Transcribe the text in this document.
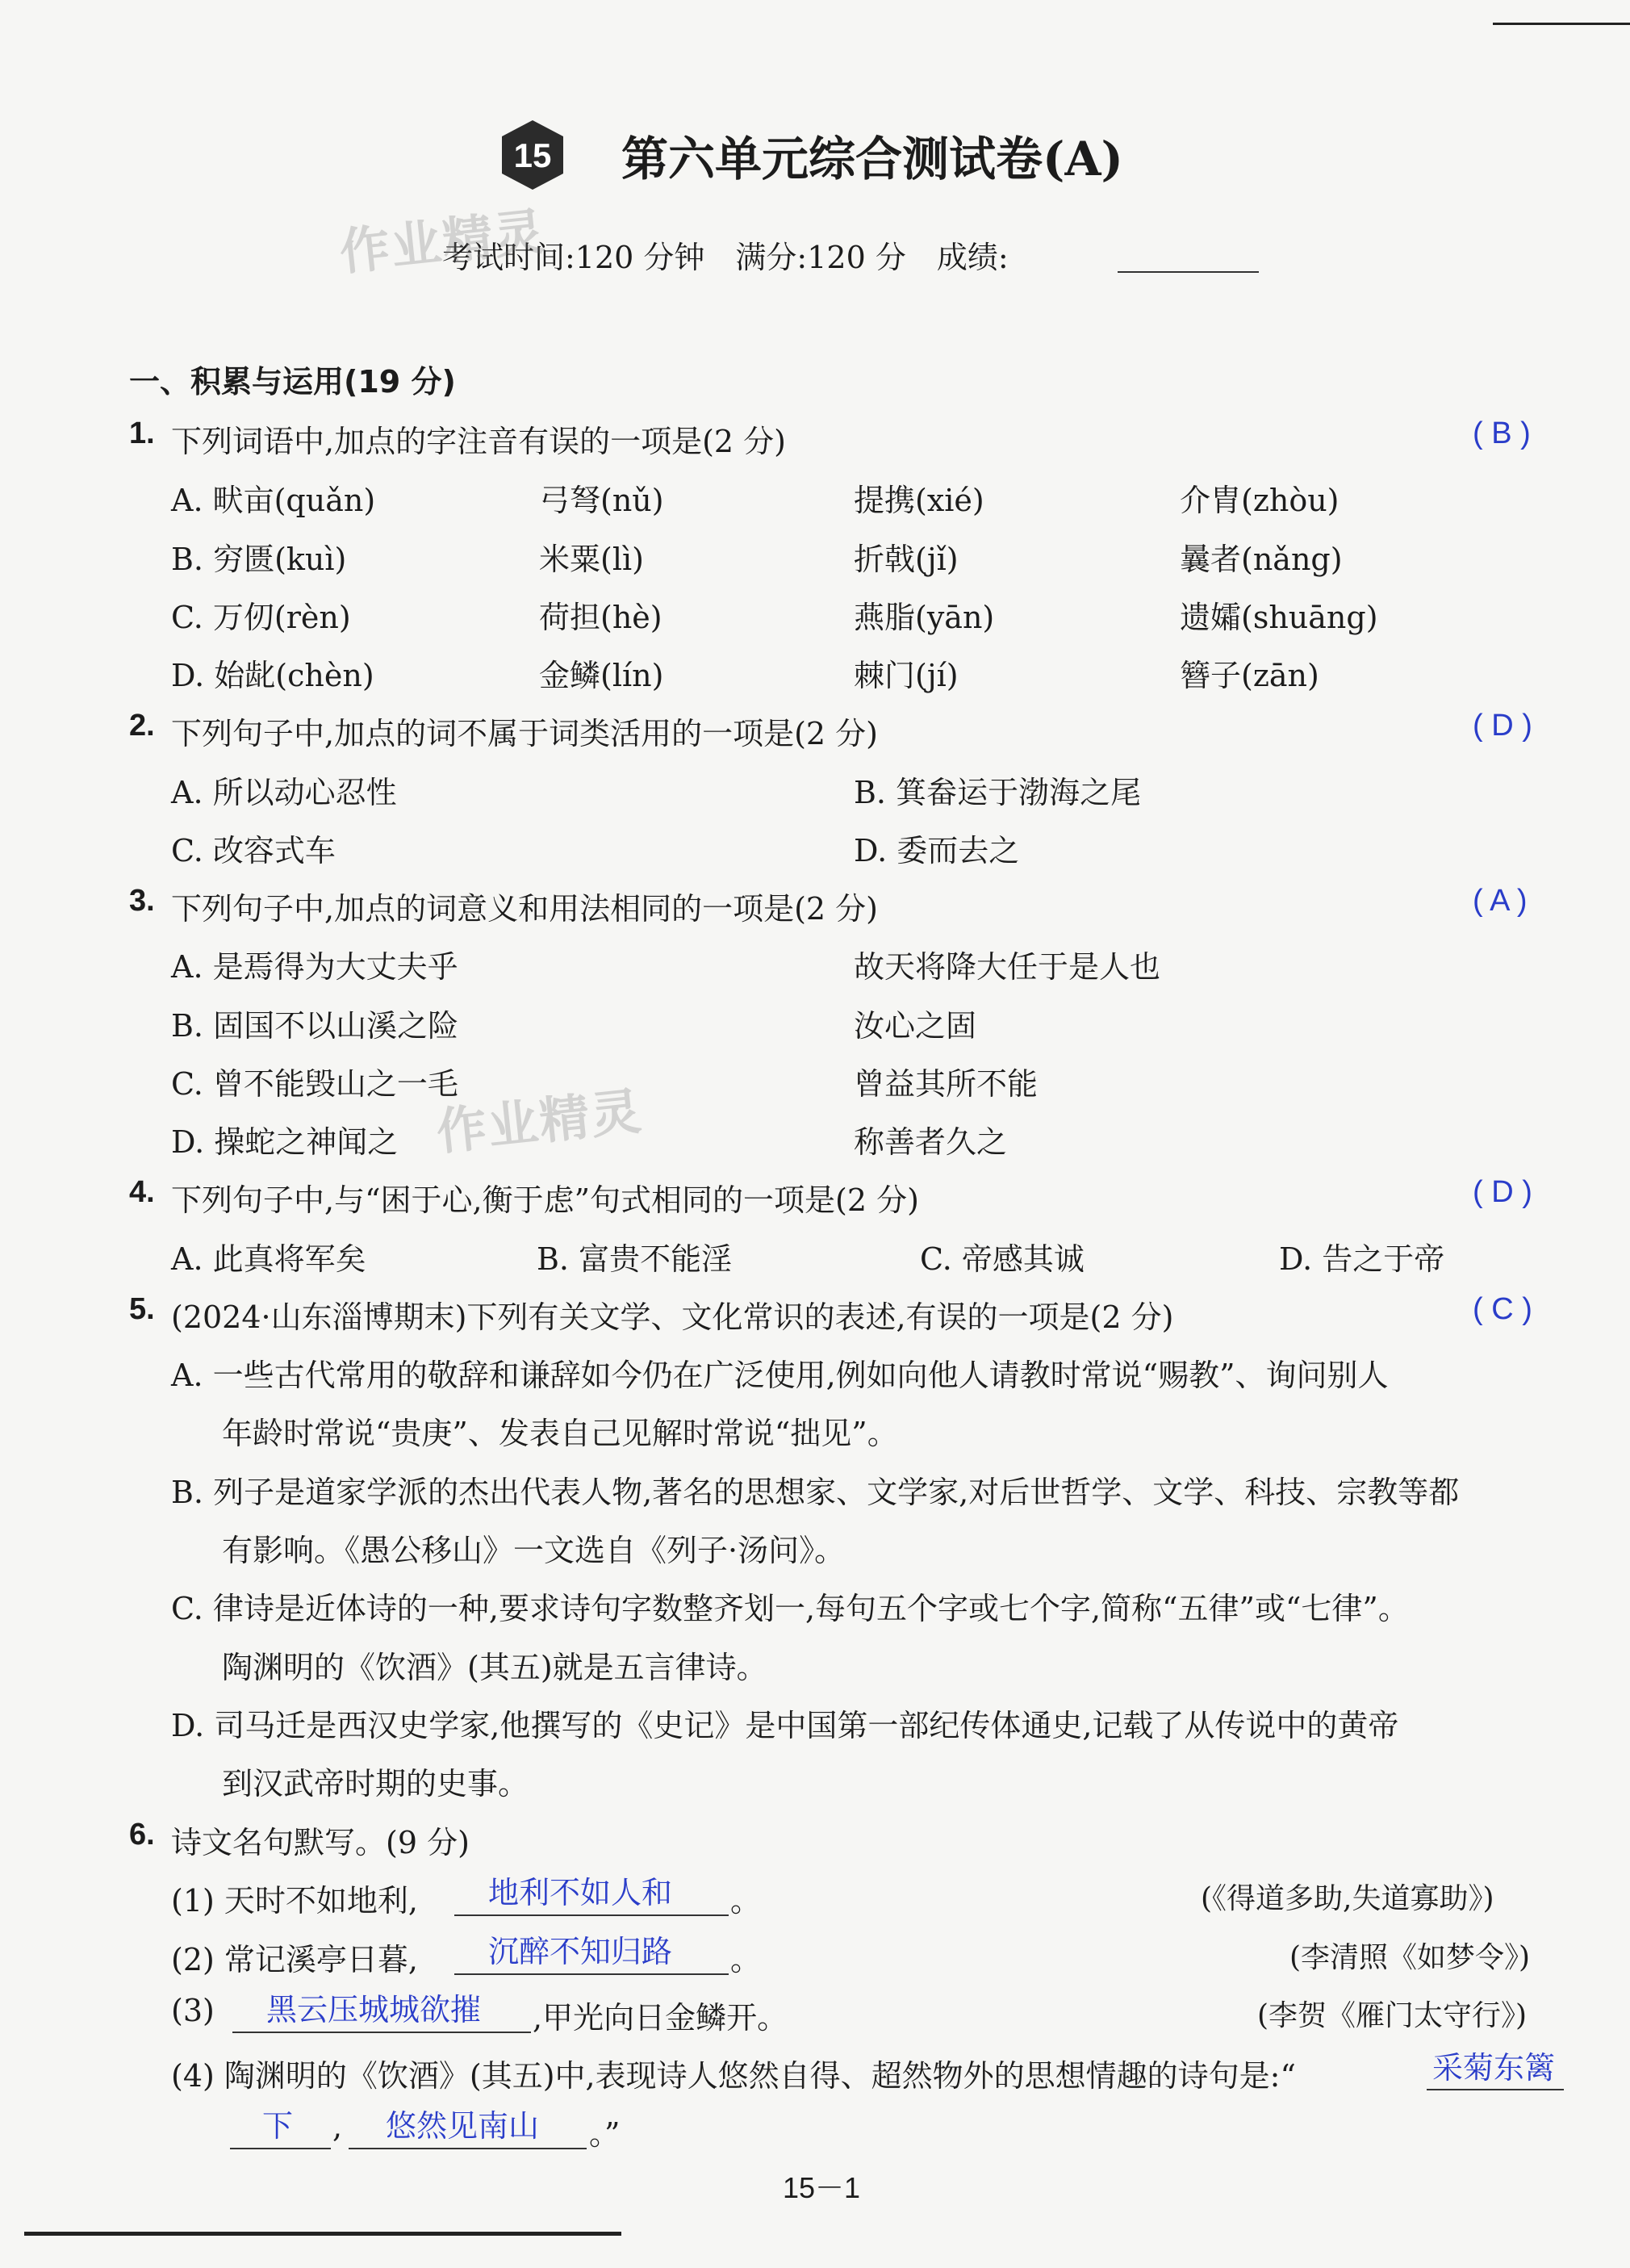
15 第六单元综合测试卷(A)
考试时间:120 分钟　满分:120 分　成绩:
作业精灵
作业精灵
一、积累与运用(19 分)
1. 下列词语中,加点的字注音有误的一项是(2 分)	( B )
A. 畎亩(quǎn)	弓弩(nǔ)	提携(xié)	介胄(zhòu)
B. 穷匮(kuì)	米粟(lì)	折戟(jǐ)	曩者(nǎng)
C. 万仞(rèn)	荷担(hè)	燕脂(yān)	遗孀(shuāng)
D. 始龀(chèn)	金鳞(lín)	棘门(jí)	簪子(zān)
2. 下列句子中,加点的词不属于词类活用的一项是(2 分)	( D )
A. 所以动心忍性	B. 箕畚运于渤海之尾
C. 改容式车	D. 委而去之
3. 下列句子中,加点的词意义和用法相同的一项是(2 分)	( A )
A. 是焉得为大丈夫乎	故天将降大任于是人也
B. 固国不以山溪之险	汝心之固
C. 曾不能毁山之一毛	曾益其所不能
D. 操蛇之神闻之	称善者久之
4. 下列句子中,与“困于心,衡于虑”句式相同的一项是(2 分)	( D )
A. 此真将军矣	B. 富贵不能淫	C. 帝感其诚	D. 告之于帝
5. (2024·山东淄博期末)下列有关文学、文化常识的表述,有误的一项是(2 分)	( C )
A. 一些古代常用的敬辞和谦辞如今仍在广泛使用,例如向他人请教时常说“赐教”、询问别人
年龄时常说“贵庚”、发表自己见解时常说“拙见”。
B. 列子是道家学派的杰出代表人物,著名的思想家、文学家,对后世哲学、文学、科技、宗教等都
有影响。《愚公移山》一文选自《列子·汤问》。
C. 律诗是近体诗的一种,要求诗句字数整齐划一,每句五个字或七个字,简称“五律”或“七律”。
陶渊明的《饮酒》(其五)就是五言律诗。
D. 司马迁是西汉史学家,他撰写的《史记》是中国第一部纪传体通史,记载了从传说中的黄帝
到汉武帝时期的史事。
6. 诗文名句默写。(9 分)
(1) 天时不如地利, 地利不如人和 。	(《得道多助,失道寡助》)
(2) 常记溪亭日暮, 沉醉不知归路 。	(李清照《如梦令》)
(3) 黑云压城城欲摧 ,甲光向日金鳞开。	(李贺《雁门太守行》)
(4) 陶渊明的《饮酒》(其五)中,表现诗人悠然自得、超然物外的思想情趣的诗句是:“	采菊东篱
下 , 悠然见南山 。”
15－1
